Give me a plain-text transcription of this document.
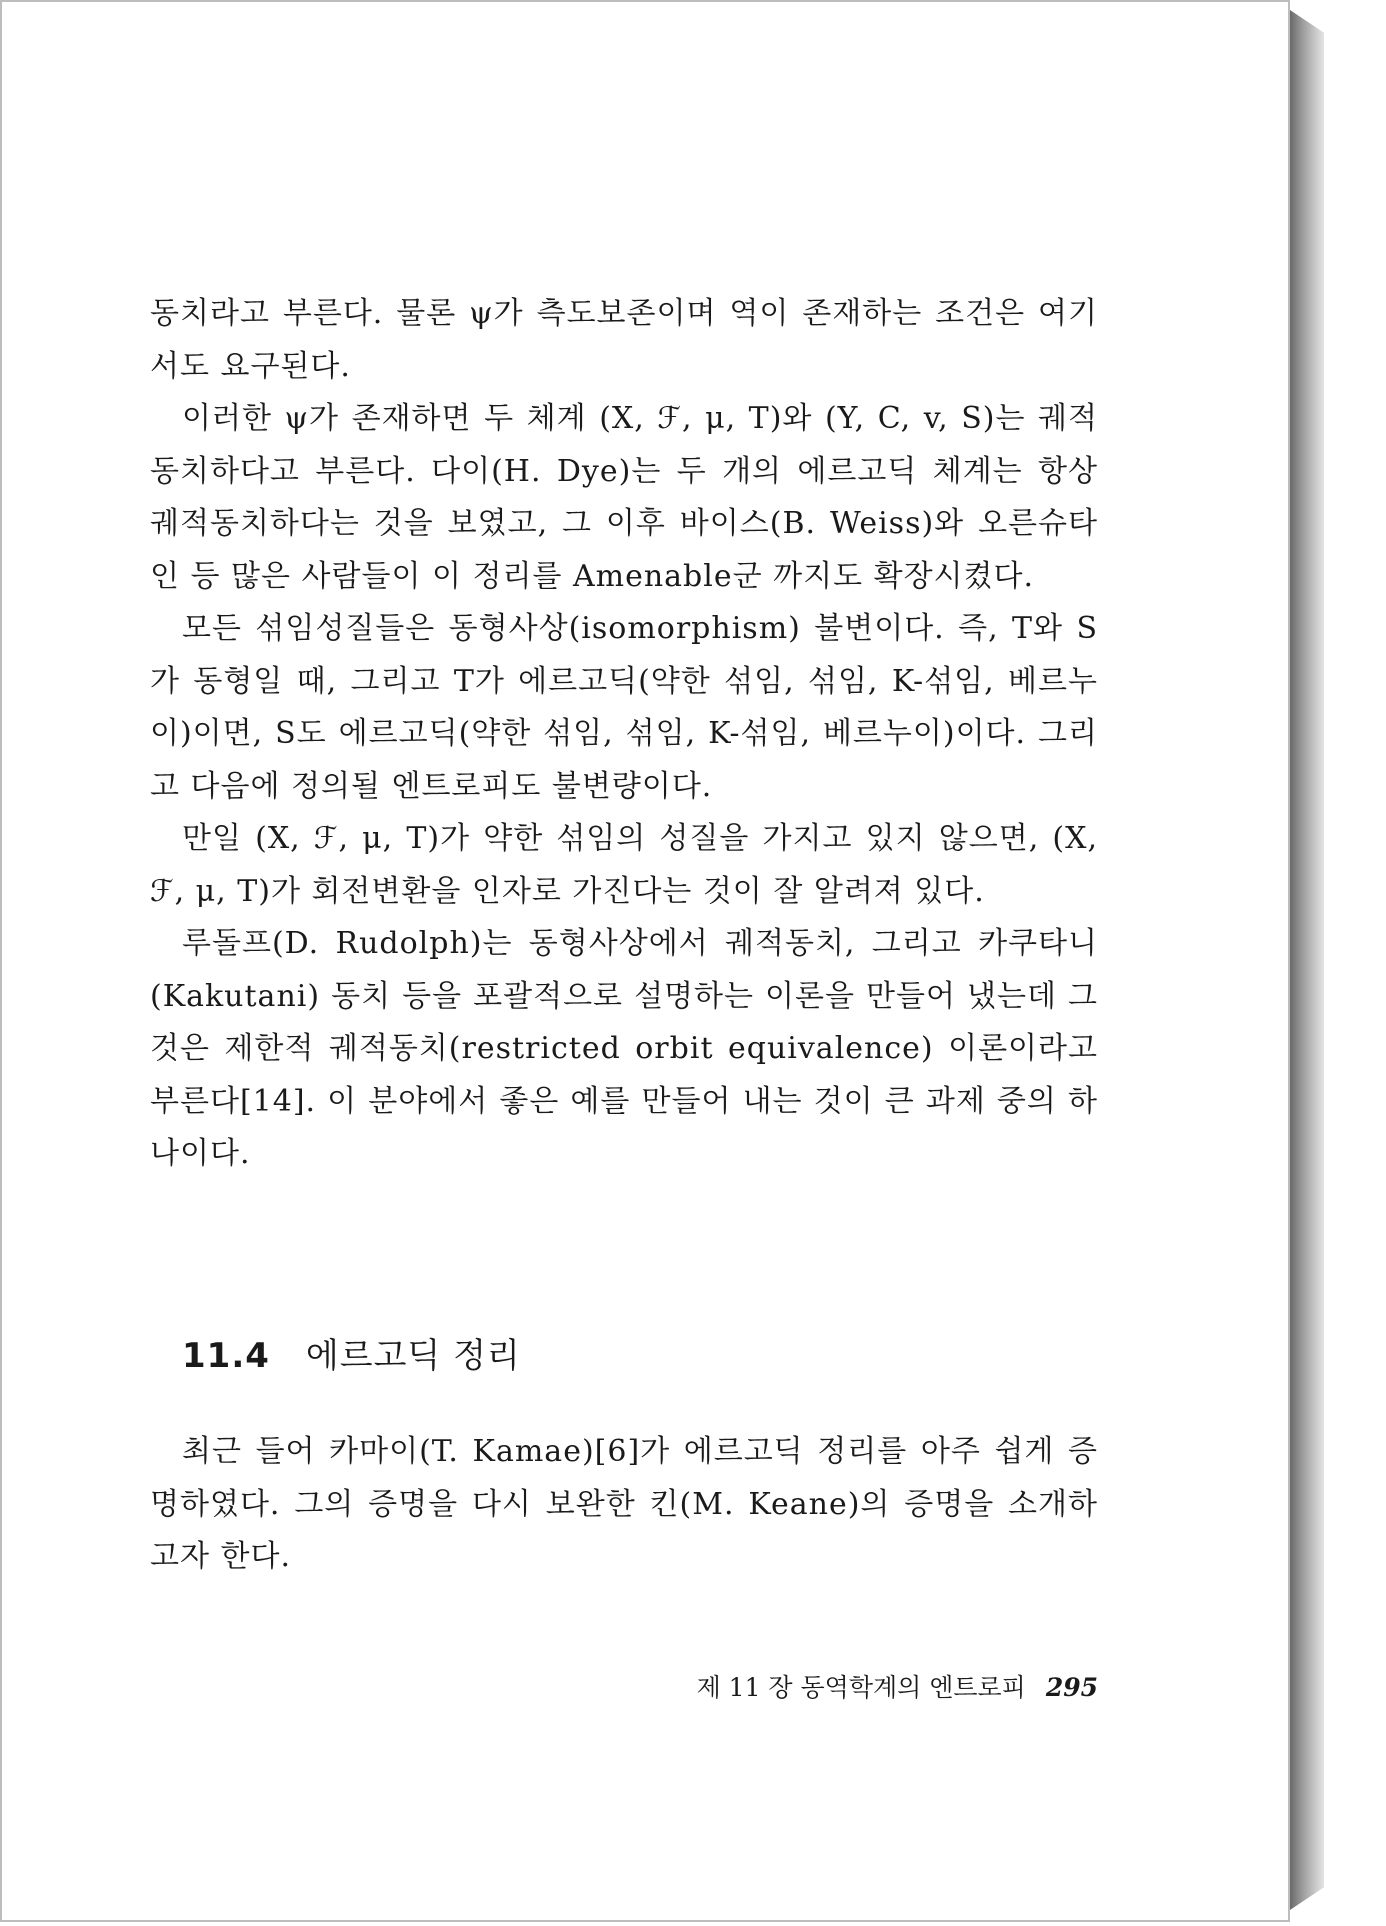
동치라고 부른다. 물론 ψ가 측도보존이며 역이 존재하는 조건은 여기서도 요구된다.

이러한 ψ가 존재하면 두 체계 (X, ℱ, μ, T)와 (Y, C, v, S)는 궤적동치하다고 부른다. 다이(H. Dye)는 두 개의 에르고딕 체계는 항상 궤적동치하다는 것을 보였고, 그 이후 바이스(B. Weiss)와 오른슈타인 등 많은 사람들이 이 정리를 Amenable군 까지도 확장시켰다.

모든 섞임성질들은 동형사상(isomorphism) 불변이다. 즉, T와 S가 동형일 때, 그리고 T가 에르고딕(약한 섞임, 섞임, K-섞임, 베르누이)이면, S도 에르고딕(약한 섞임, 섞임, K-섞임, 베르누이)이다. 그리고 다음에 정의될 엔트로피도 불변량이다.

만일 (X, ℱ, μ, T)가 약한 섞임의 성질을 가지고 있지 않으면, (X, ℱ, μ, T)가 회전변환을 인자로 가진다는 것이 잘 알려져 있다.

루돌프(D. Rudolph)는 동형사상에서 궤적동치, 그리고 카쿠타니(Kakutani) 동치 등을 포괄적으로 설명하는 이론을 만들어 냈는데 그것은 제한적 궤적동치(restricted orbit equivalence) 이론이라고 부른다[14]. 이 분야에서 좋은 예를 만들어 내는 것이 큰 과제 중의 하나이다.

11.4 에르고딕 정리

최근 들어 카마이(T. Kamae)[6]가 에르고딕 정리를 아주 쉽게 증명하였다. 그의 증명을 다시 보완한 킨(M. Keane)의 증명을 소개하고자 한다.

제 11 장 동역학계의 엔트로피 295
